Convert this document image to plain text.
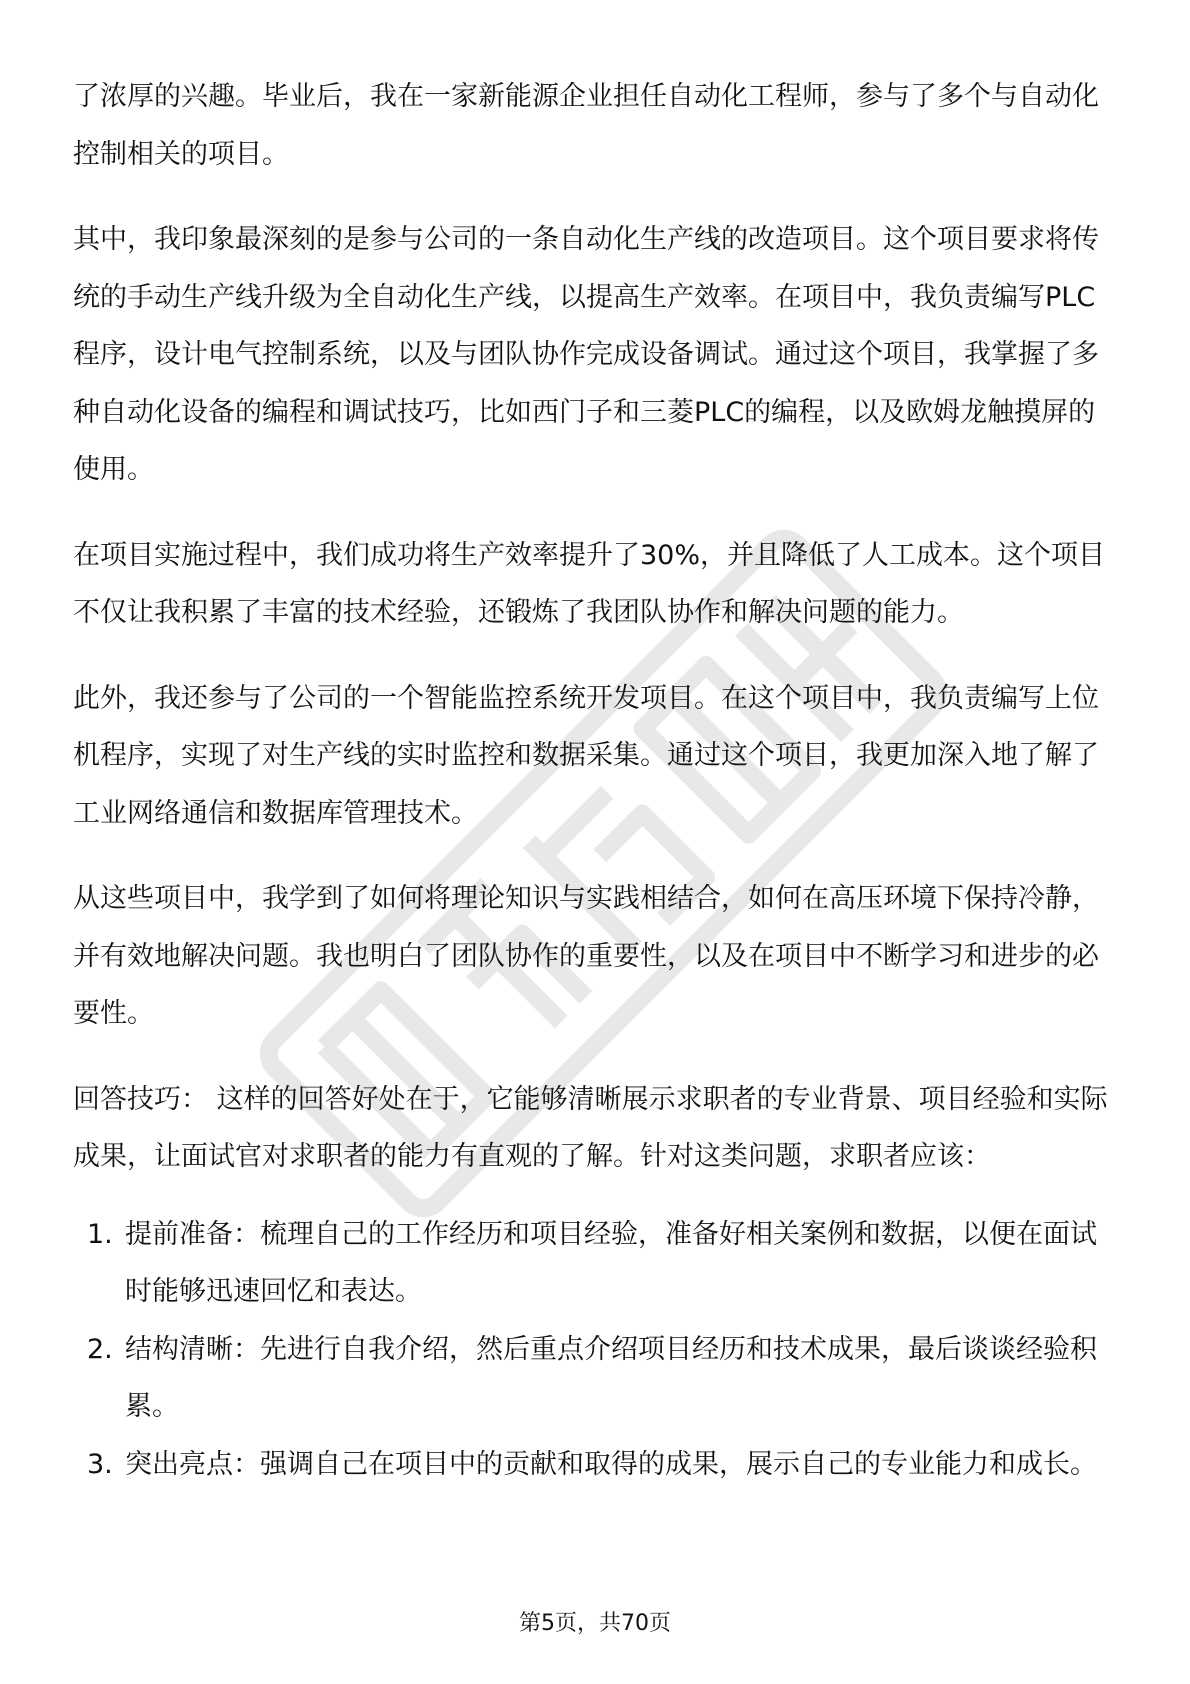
了浓厚的兴趣。毕业后，我在一家新能源企业担任自动化工程师，参与了多个与自动化控制相关的项目。

其中，我印象最深刻的是参与公司的一条自动化生产线的改造项目。这个项目要求将传统的手动生产线升级为全自动化生产线，以提高生产效率。在项目中，我负责编写PLC程序，设计电气控制系统，以及与团队协作完成设备调试。通过这个项目，我掌握了多种自动化设备的编程和调试技巧，比如西门子和三菱PLC的编程，以及欧姆龙触摸屏的使用。

在项目实施过程中，我们成功将生产效率提升了30%，并且降低了人工成本。这个项目不仅让我积累了丰富的技术经验，还锻炼了我团队协作和解决问题的能力。

此外，我还参与了公司的一个智能监控系统开发项目。在这个项目中，我负责编写上位机程序，实现了对生产线的实时监控和数据采集。通过这个项目，我更加深入地了解了工业网络通信和数据库管理技术。

从这些项目中，我学到了如何将理论知识与实践相结合，如何在高压环境下保持冷静，并有效地解决问题。我也明白了团队协作的重要性，以及在项目中不断学习和进步的必要性。

回答技巧： 这样的回答好处在于，它能够清晰展示求职者的专业背景、项目经验和实际成果，让面试官对求职者的能力有直观的了解。针对这类问题，求职者应该：

1. 提前准备：梳理自己的工作经历和项目经验，准备好相关案例和数据，以便在面试时能够迅速回忆和表达。
2. 结构清晰：先进行自我介绍，然后重点介绍项目经历和技术成果，最后谈谈经验积累。
3. 突出亮点：强调自己在项目中的贡献和取得的成果，展示自己的专业能力和成长。
第5页，共70页
